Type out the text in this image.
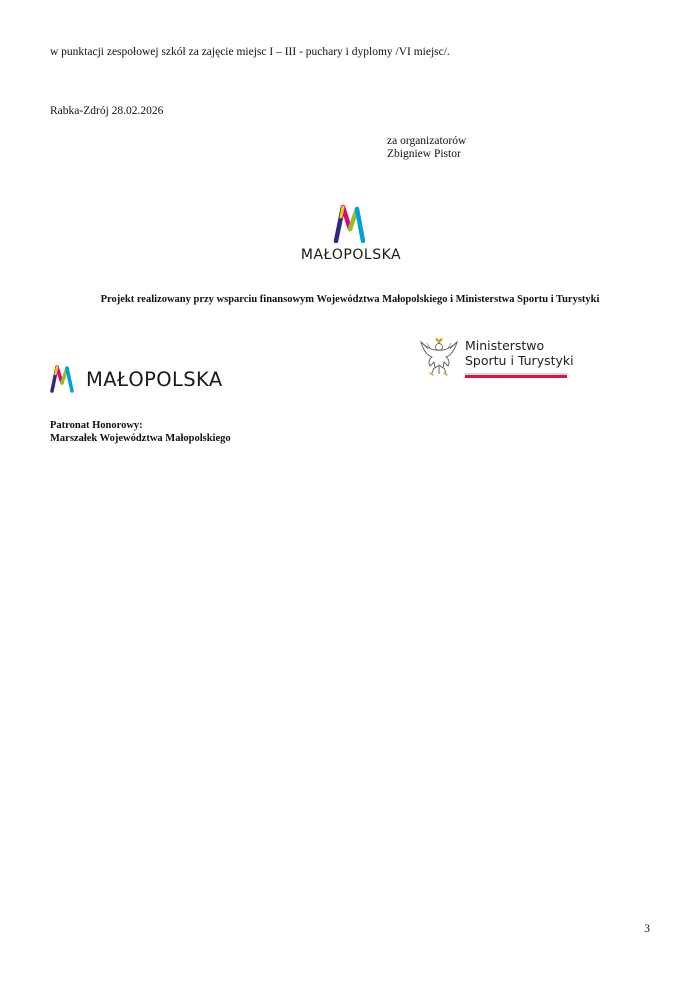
w punktacji zespołowej szkół za zajęcie miejsc I – III - puchary i dyplomy /VI miejsc/.
Rabka-Zdrój 28.02.2026
za organizatorów
Zbigniew Pistor
MAŁOPOLSKA
Projekt realizowany przy wsparciu finansowym Województwa Małopolskiego i Ministerstwa Sportu i Turystyki
MAŁOPOLSKA
Ministerstwo
Sportu i Turystyki
Patronat Honorowy:
Marszałek Województwa Małopolskiego
3
